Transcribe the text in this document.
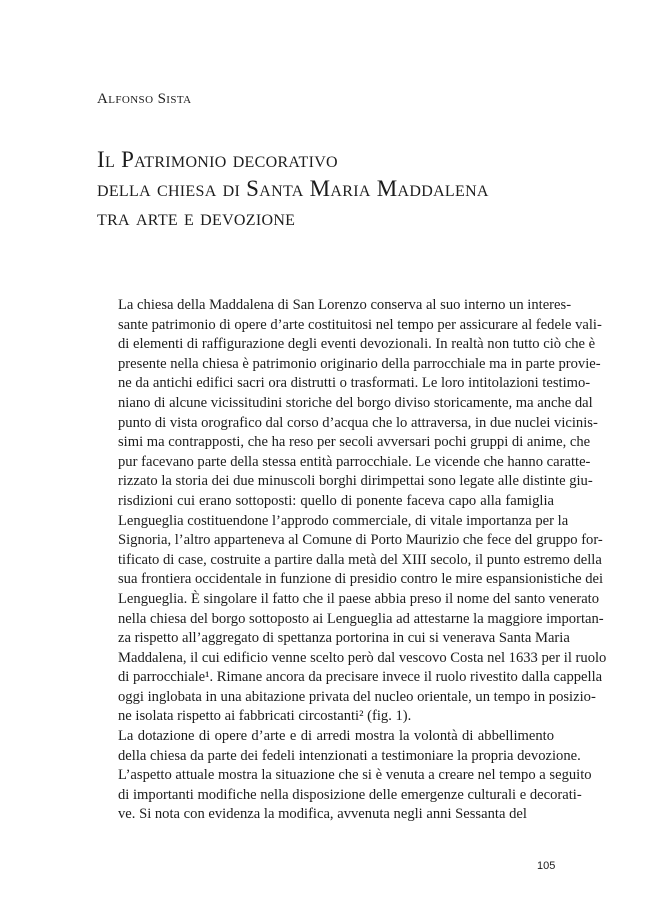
Alfonso Sista
Il Patrimonio decorativo
della chiesa di Santa Maria Maddalena
tra arte e devozione

La chiesa della Maddalena di San Lorenzo conserva al suo interno un interes-
sante patrimonio di opere d’arte costituitosi nel tempo per assicurare al fedele vali-
di elementi di raffigurazione degli eventi devozionali. In realtà non tutto ciò che è
presente nella chiesa è patrimonio originario della parrocchiale ma in parte provie-
ne da antichi edifici sacri ora distrutti o trasformati. Le loro intitolazioni testimo-
niano di alcune vicissitudini storiche del borgo diviso storicamente, ma anche dal
punto di vista orografico dal corso d’acqua che lo attraversa, in due nuclei vicinis-
simi ma contrapposti, che ha reso per secoli avversari pochi gruppi di anime, che
pur facevano parte della stessa entità parrocchiale. Le vicende che hanno caratte-
rizzato la storia dei due minuscoli borghi dirimpettai sono legate alle distinte giu-
risdizioni cui erano sottoposti: quello di ponente faceva capo alla famiglia
Lengueglia costituendone l’approdo commerciale, di vitale importanza per la
Signoria, l’altro apparteneva al Comune di Porto Maurizio che fece del gruppo for-
tificato di case, costruite a partire dalla metà del XIII secolo, il punto estremo della
sua frontiera occidentale in funzione di presidio contro le mire espansionistiche dei
Lengueglia. È singolare il fatto che il paese abbia preso il nome del santo venerato
nella chiesa del borgo sottoposto ai Lengueglia ad attestarne la maggiore importan-
za rispetto all’aggregato di spettanza portorina in cui si venerava Santa Maria
Maddalena, il cui edificio venne scelto però dal vescovo Costa nel 1633 per il ruolo
di parrocchiale¹. Rimane ancora da precisare invece il ruolo rivestito dalla cappella
oggi inglobata in una abitazione privata del nucleo orientale, un tempo in posizio-
ne isolata rispetto ai fabbricati circostanti² (fig. 1).

La dotazione di opere d’arte e di arredi mostra la volontà di abbellimento
della chiesa da parte dei fedeli intenzionati a testimoniare la propria devozione.
L’aspetto attuale mostra la situazione che si è venuta a creare nel tempo a seguito
di importanti modifiche nella disposizione delle emergenze culturali e decorati-
ve. Si nota con evidenza la modifica, avvenuta negli anni Sessanta del

105
